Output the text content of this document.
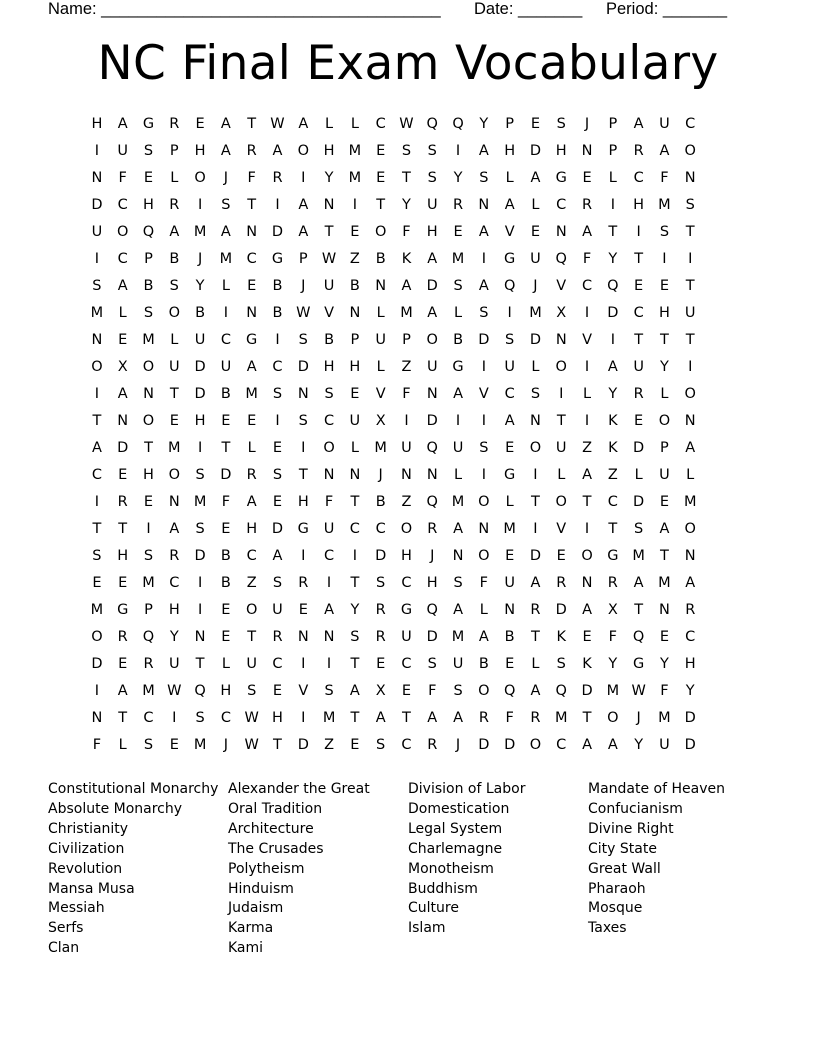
Name: _____________________________________ Date: _______ Period: _______
NC Final Exam Vocabulary
H A G R E A T W A L L C W Q Q Y P E S J P A U C
I U S P H A R A O H M E S S I A H D H N P R A O
N F E L O J F R I Y M E T S Y S L A G E L C F N
D C H R I S T I A N I T Y U R N A L C R I H M S
U O Q A M A N D A T E O F H E A V E N A T I S T
I C P B J M C G P W Z B K A M I G U Q F Y T I I
S A B S Y L E B J U B N A D S A Q J V C Q E E T
M L S O B I N B W V N L M A L S I M X I D C H U
N E M L U C G I S B P U P O B D S D N V I T T T
O X O U D U A C D H H L Z U G I U L O I A U Y I
I A N T D B M S N S E V F N A V C S I L Y R L O
T N O E H E E I S C U X I D I I A N T I K E O N
A D T M I T L E I O L M U Q U S E O U Z K D P A
C E H O S D R S T N N J N N L I G I L A Z L U L
I R E N M F A E H F T B Z Q M O L T O T C D E M
T T I A S E H D G U C C O R A N M I V I T S A O
S H S R D B C A I C I D H J N O E D E O G M T N
E E M C I B Z S R I T S C H S F U A R N R A M A
M G P H I E O U E A Y R G Q A L N R D A X T N R
O R Q Y N E T R N N S R U D M A B T K E F Q E C
D E R U T L U C I I T E C S U B E L S K Y G Y H
I A M W Q H S E V S A X E F S O Q A Q D M W F Y
N T C I S C W H I M T A T A A R F R M T O J M D
F L S E M J W T D Z E S C R J D D O C A A Y U D
Constitutional Monarchy
Absolute Monarchy
Christianity
Civilization
Revolution
Mansa Musa
Messiah
Serfs
Clan
Alexander the Great
Oral Tradition
Architecture
The Crusades
Polytheism
Hinduism
Judaism
Karma
Kami
Division of Labor
Domestication
Legal System
Charlemagne
Monotheism
Buddhism
Culture
Islam
Mandate of Heaven
Confucianism
Divine Right
City State
Great Wall
Pharaoh
Mosque
Taxes
